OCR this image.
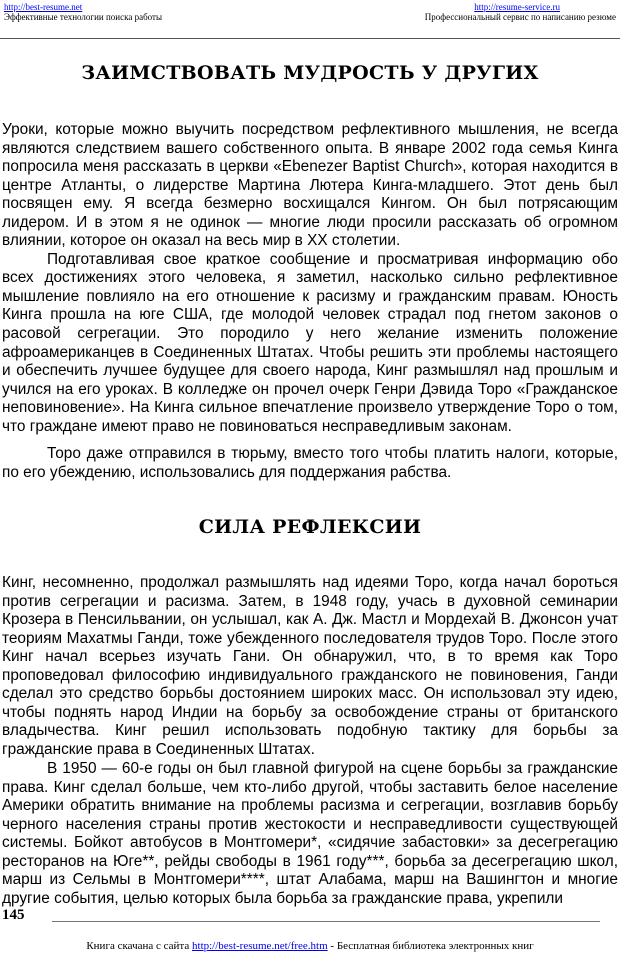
http://best-resume.net	http://resume-service.ru
Эффективные технологии поиска работы	Профессиональный сервис по написанию резюме
ЗАИМСТВОВАТЬ МУДРОСТЬ У ДРУГИХ

Уроки, которые можно выучить посредством рефлективного мышления, не всегда являются следствием вашего собственного опыта. В январе 2002 года семья Кинга попросила меня рассказать в церкви «Ebenezer Baptist Church», которая находится в центре Атланты, о лидерстве Мартина Лютера Кинга-младшего. Этот день был посвящен ему. Я всегда безмерно восхищался Кингом. Он был потрясающим лидером. И в этом я не одинок — многие люди просили рассказать об огромном влиянии, которое он оказал на весь мир в XX столетии.

Подготавливая свое краткое сообщение и просматривая информацию обо всех достижениях этого человека, я заметил, насколько сильно рефлективное мышление повлияло на его отношение к расизму и гражданским правам. Юность Кинга прошла на юге США, где молодой человек страдал под гнетом законов о расовой сегрегации. Это породило у него желание изменить положение афроамериканцев в Соединенных Штатах. Чтобы решить эти проблемы настоящего и обеспечить лучшее будущее для своего народа, Кинг размышлял над прошлым и учился на его уроках. В колледже он прочел очерк Генри Дэвида Торо «Гражданское неповиновение». На Кинга сильное впечатление произвело утверждение Торо о том, что граждане имеют право не повиноваться несправедливым законам.

Торо даже отправился в тюрьму, вместо того чтобы платить налоги, которые, по его убеждению, использовались для поддержания рабства.

СИЛА РЕФЛЕКСИИ

Кинг, несомненно, продолжал размышлять над идеями Торо, когда начал бороться против сегрегации и расизма. Затем, в 1948 году, учась в духовной семинарии Крозера в Пенсильвании, он услышал, как А. Дж. Мастл и Мордехай В. Джонсон учат теориям Махатмы Ганди, тоже убежденного последователя трудов Торо. После этого Кинг начал всерьез изучать Гани. Он обнаружил, что, в то время как Торо проповедовал философию индивидуального гражданского не повиновения, Ганди сделал это средство борьбы достоянием широких масс. Он использовал эту идею, чтобы поднять народ Индии на борьбу за освобождение страны от британского владычества. Кинг решил использовать подобную тактику для борьбы за гражданские права в Соединенных Штатах.

В 1950 — 60-е годы он был главной фигурой на сцене борьбы за гражданские права. Кинг сделал больше, чем кто-либо другой, чтобы заставить белое население Америки обратить внимание на проблемы расизма и сегрегации, возглавив борьбу черного населения страны против жестокости и несправедливости существующей системы. Бойкот автобусов в Монтгомери*, «сидячие забастовки» за десегрегацию ресторанов на Юге**, рейды свободы в 1961 году***, борьба за десегрегацию школ, марш из Сельмы в Монтгомери****, штат Алабама, марш на Вашингтон и многие другие события, целью которых была борьба за гражданские права, укрепили

145
Книга скачана с сайта http://best-resume.net/free.htm - Бесплатная библиотека электронных книг
